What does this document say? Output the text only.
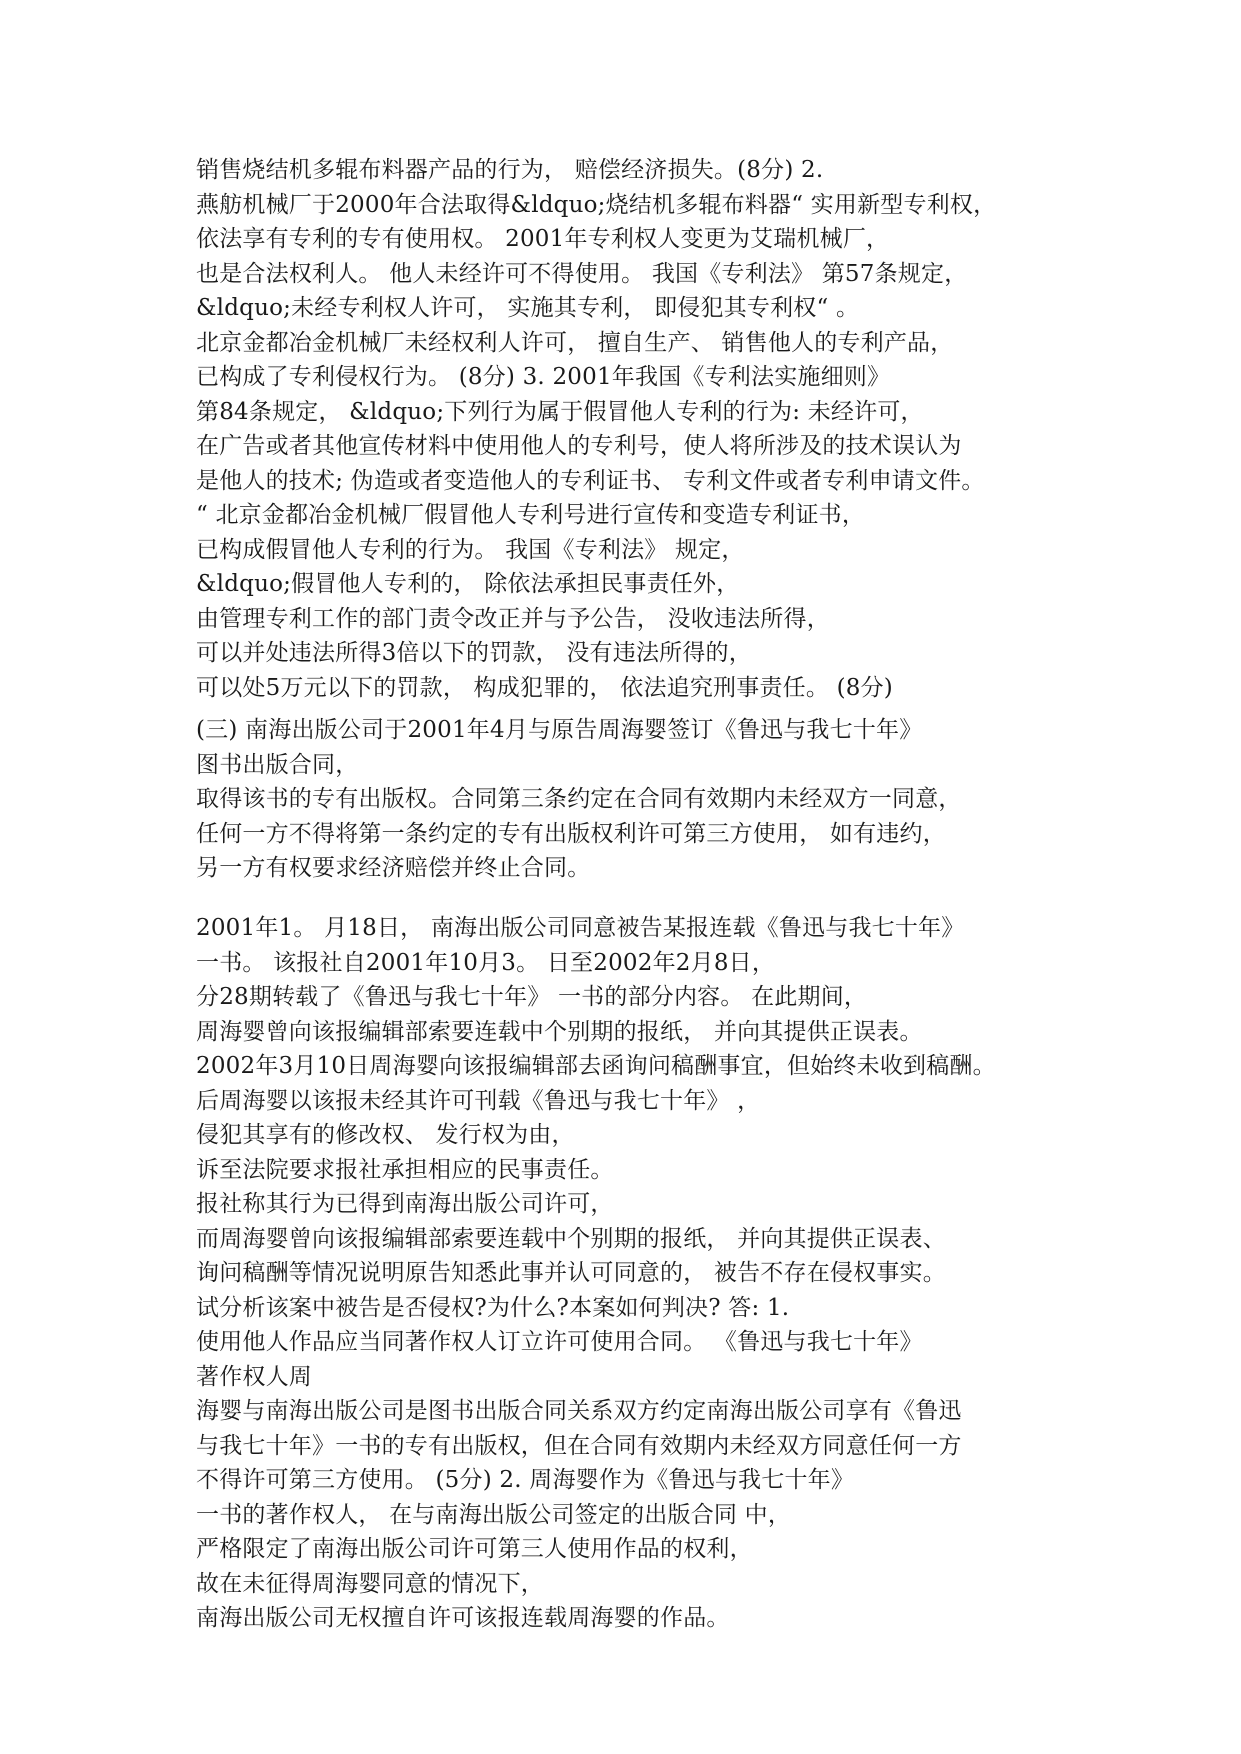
销售烧结机多辊布料器产品的行为， 赔偿经济损失。(8分) 2.
燕舫机械厂于2000年合法取得&ldquo;烧结机多辊布料器“ 实用新型专利权，
依法享有专利的专有使用权。 2001年专利权人变更为艾瑞机械厂，
也是合法权利人。 他人未经许可不得使用。 我国《专利法》 第57条规定，
&ldquo;未经专利权人许可， 实施其专利， 即侵犯其专利权“ 。
北京金都冶金机械厂未经权利人许可， 擅自生产、 销售他人的专利产品，
已构成了专利侵权行为。 (8分) 3. 2001年我国《专利法实施细则》
第84条规定， &ldquo;下列行为属于假冒他人专利的行为: 未经许可，
在广告或者其他宣传材料中使用他人的专利号，使人将所涉及的技术误认为
是他人的技术; 伪造或者变造他人的专利证书、 专利文件或者专利申请文件。
“ 北京金都冶金机械厂假冒他人专利号进行宣传和变造专利证书，
已构成假冒他人专利的行为。 我国《专利法》 规定，
&ldquo;假冒他人专利的， 除依法承担民事责任外，
由管理专利工作的部门责令改正并与予公告， 没收违法所得，
可以并处违法所得3倍以下的罚款， 没有违法所得的，
可以处5万元以下的罚款， 构成犯罪的， 依法追究刑事责任。 (8分)
(三) 南海出版公司于2001年4月与原告周海婴签订《鲁迅与我七十年》
图书出版合同，
取得该书的专有出版权。合同第三条约定在合同有效期内未经双方一同意，
任何一方不得将第一条约定的专有出版权利许可第三方使用， 如有违约，
另一方有权要求经济赔偿并终止合同。
2001年1。 月18日， 南海出版公司同意被告某报连载《鲁迅与我七十年》
一书。 该报社自2001年10月3。 日至2002年2月8日，
分28期转载了《鲁迅与我七十年》 一书的部分内容。 在此期间，
周海婴曾向该报编辑部索要连载中个别期的报纸， 并向其提供正误表。
2002年3月10日周海婴向该报编辑部去函询问稿酬事宜，但始终未收到稿酬。
后周海婴以该报未经其许可刊载《鲁迅与我七十年》 ，
侵犯其享有的修改权、 发行权为由，
诉至法院要求报社承担相应的民事责任。
报社称其行为已得到南海出版公司许可，
而周海婴曾向该报编辑部索要连载中个别期的报纸， 并向其提供正误表、
询问稿酬等情况说明原告知悉此事并认可同意的， 被告不存在侵权事实。
试分析该案中被告是否侵权?为什么?本案如何判决? 答: 1.
使用他人作品应当同著作权人订立许可使用合同。 《鲁迅与我七十年》
著作权人周
海婴与南海出版公司是图书出版合同关系双方约定南海出版公司享有《鲁迅
与我七十年》一书的专有出版权，但在合同有效期内未经双方同意任何一方
不得许可第三方使用。 (5分) 2. 周海婴作为《鲁迅与我七十年》
一书的著作权人， 在与南海出版公司签定的出版合同 中，
严格限定了南海出版公司许可第三人使用作品的权利，
故在未征得周海婴同意的情况下，
南海出版公司无权擅自许可该报连载周海婴的作品。
